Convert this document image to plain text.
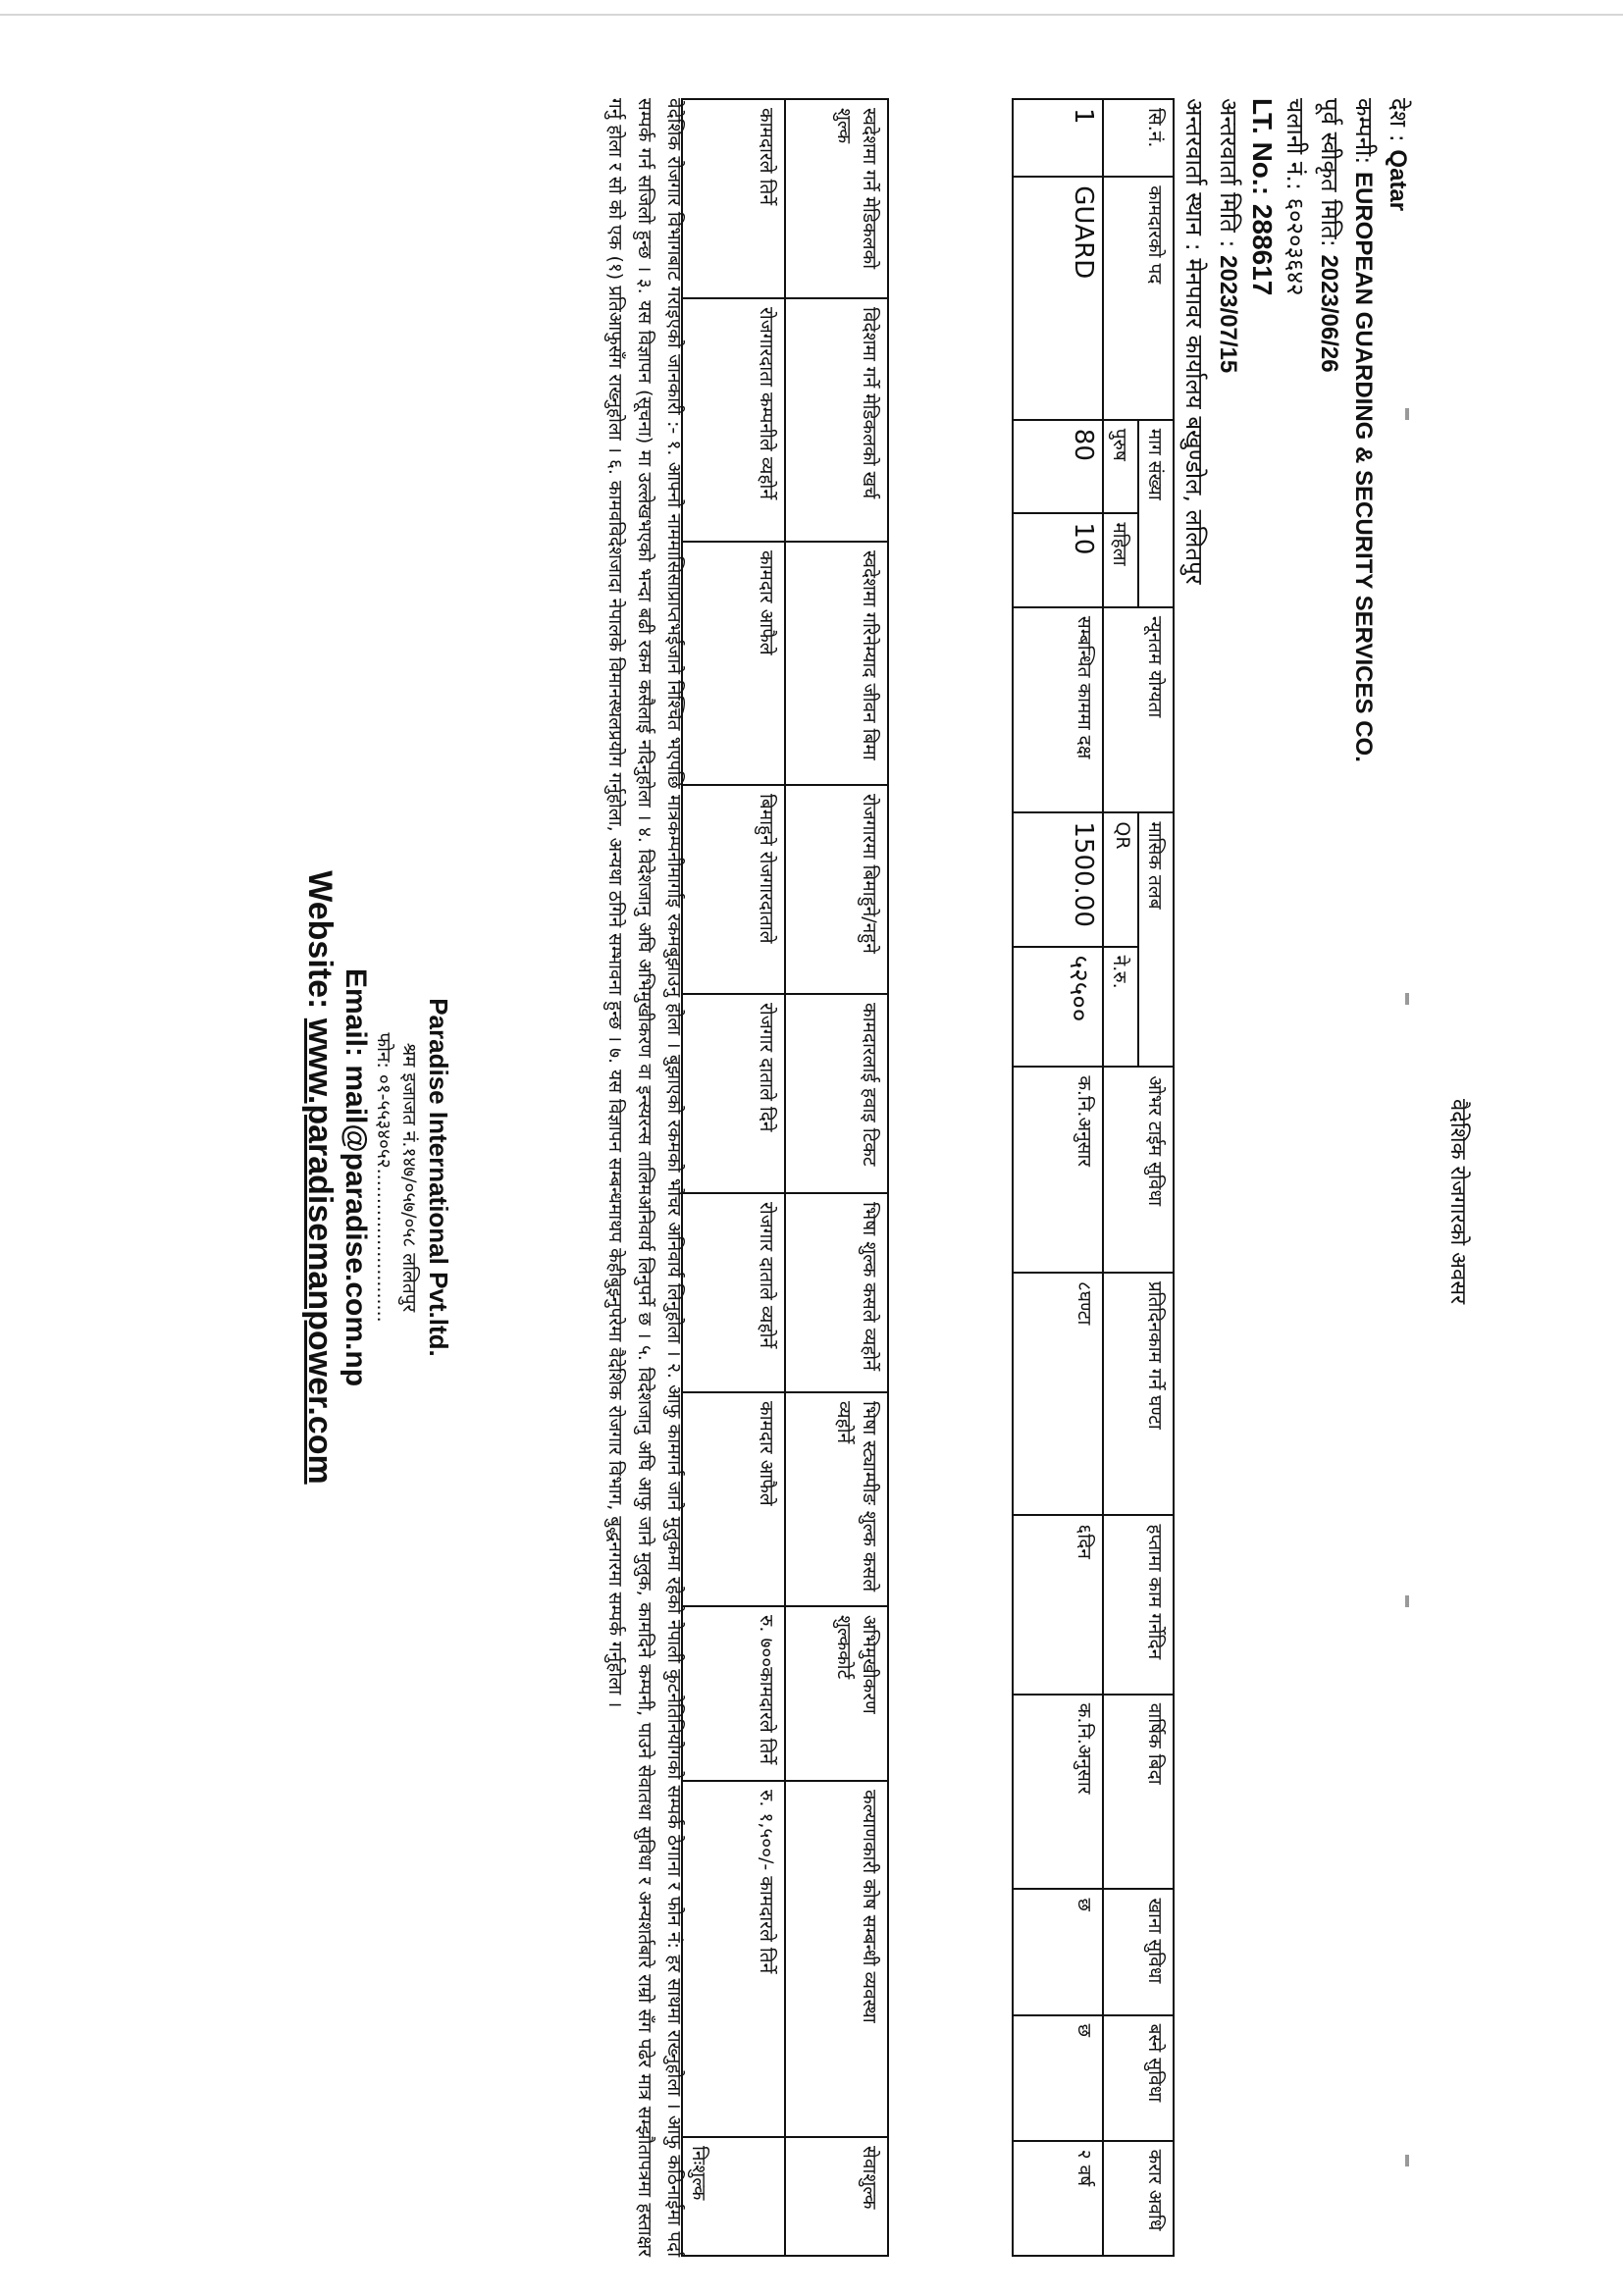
वैदेशिक रोजगारको अवसर
देश : Qatar
कम्पनी: EUROPEAN GUARDING & SECURITY SERVICES CO.
पूर्व स्वीकृत मिति: 2023/06/26
चलानी नं.: ६०२०३६४२
LT. No.: 288617
अन्तरवार्ता मिति : 2023/07/15
अन्तरवार्ता स्थान : मेनपावर कार्यालय बखुण्डोल, ललितपुर
सि.नं.	कामदारको पद	माग संख्या		न्यूनतम योग्यता	मासिक तलब		ओभर टाईम सुविधा	प्रतिदिनकाम गर्ने घण्टा	हप्तामा काम गर्नेदिन	वार्षिक बिदा	खाना सुविधा	बस्ने सुविधा	करार अवधि
		पुरुष	महिला		QR	ने.रु.							
1	GUARD	80	10	सम्बन्धित काममा दक्ष	1500.00	५२५००	क.नि.अनुसार	८घण्टा	६दिन	क.नि.अनुसार	छ	छ	२ वर्ष
स्वदेशमा गर्ने मेडिकलको शुल्क	विदेशमा गर्ने मेडिकलको खर्च	स्वदेशमा गरिनेम्याद जीवन बिमा	रोजगारमा बिमाहुने/नहुने	कामदारलाई हवाइ टिकट	भिषा शुल्क कसले व्यहोर्ने	भिषा स्ट्याम्पीङ शुल्क कसले व्यहोर्ने	अभिमुखीकरण शुल्ककोर्ट	कल्याणकारी कोष सम्बन्धी व्यवस्था	सेवाशुल्क
कामदारले तिर्ने	रोजगारदाता कम्पनीले व्यहोर्ने	कामदार आफैले	बिमाहुने रोजगारदाताले	रोजगार दाताले दिने	रोजगार दाताले व्यहोर्ने	कामदार आफैले	रु. ७००कामदारले तिर्ने	रु. १,५००/- कामदारले तिर्ने	निःशुल्क
वैदेशिक रोजगार विभागबाट गराइएको जानकारी :- १. आफ्नो नाममासिसाप्राप्तभईजाने निश्चित भएपछि मात्रकम्पनीमार्गाइ रकमबुझाउनु होला । बुझाएको रकमको भौचर अनिवार्य लिनुहोला । २. आफु कामगर्न जाने मुलुकमा रहेको नेपाली कुटनैतिनियोगको सम्पर्क ठेगाना र फोन नं: हर साथमा राख्नुहोला । आफु कठिनाईमा पर्दा सम्पर्क गर्न सजिलो हुन्छ । ३. यस विज्ञापन (सूचना) मा उल्लेखभएको भन्दा बढी रकम कसैलाई नदिनुहोला । ४. विदेशजानु अघि अभिमुखीकरण वा इन्स्यरन्स तालिमअनिवार्य लिनुपर्ने छ । ५. विदेशजानु अघि आफु जाने मुलुक, कामदिने कम्पनी, पाउने सेवातथा सुविधा र अन्यशर्तबारे राम्रो सँग पढेर मात्र सम्झौतापत्रमा हस्ताक्षर गर्नु होला र सो को एक (१) प्रतिआफुसँग राख्नुहोला । ६. कामवविदेशजादा नेपालके विमानस्थलप्रयोग गर्नुहोला, अन्यथा ठगिने सम्भावना हुन्छ । ७. यस विज्ञापन सम्बन्धमाथप केहीबुझ्नुपरेमा वैदेशिक रोजगार विभाग, बुद्धनगरमा सम्पर्क गर्नुहोला ।
Paradise International Pvt.ltd.
श्रम इजाजत नं.१४७/०५७/०५८ ललितपुर
फोन: ०१-५५३४०५२..........................
Email: mail@paradise.com.np
Website: www.paradisemanpower.com
